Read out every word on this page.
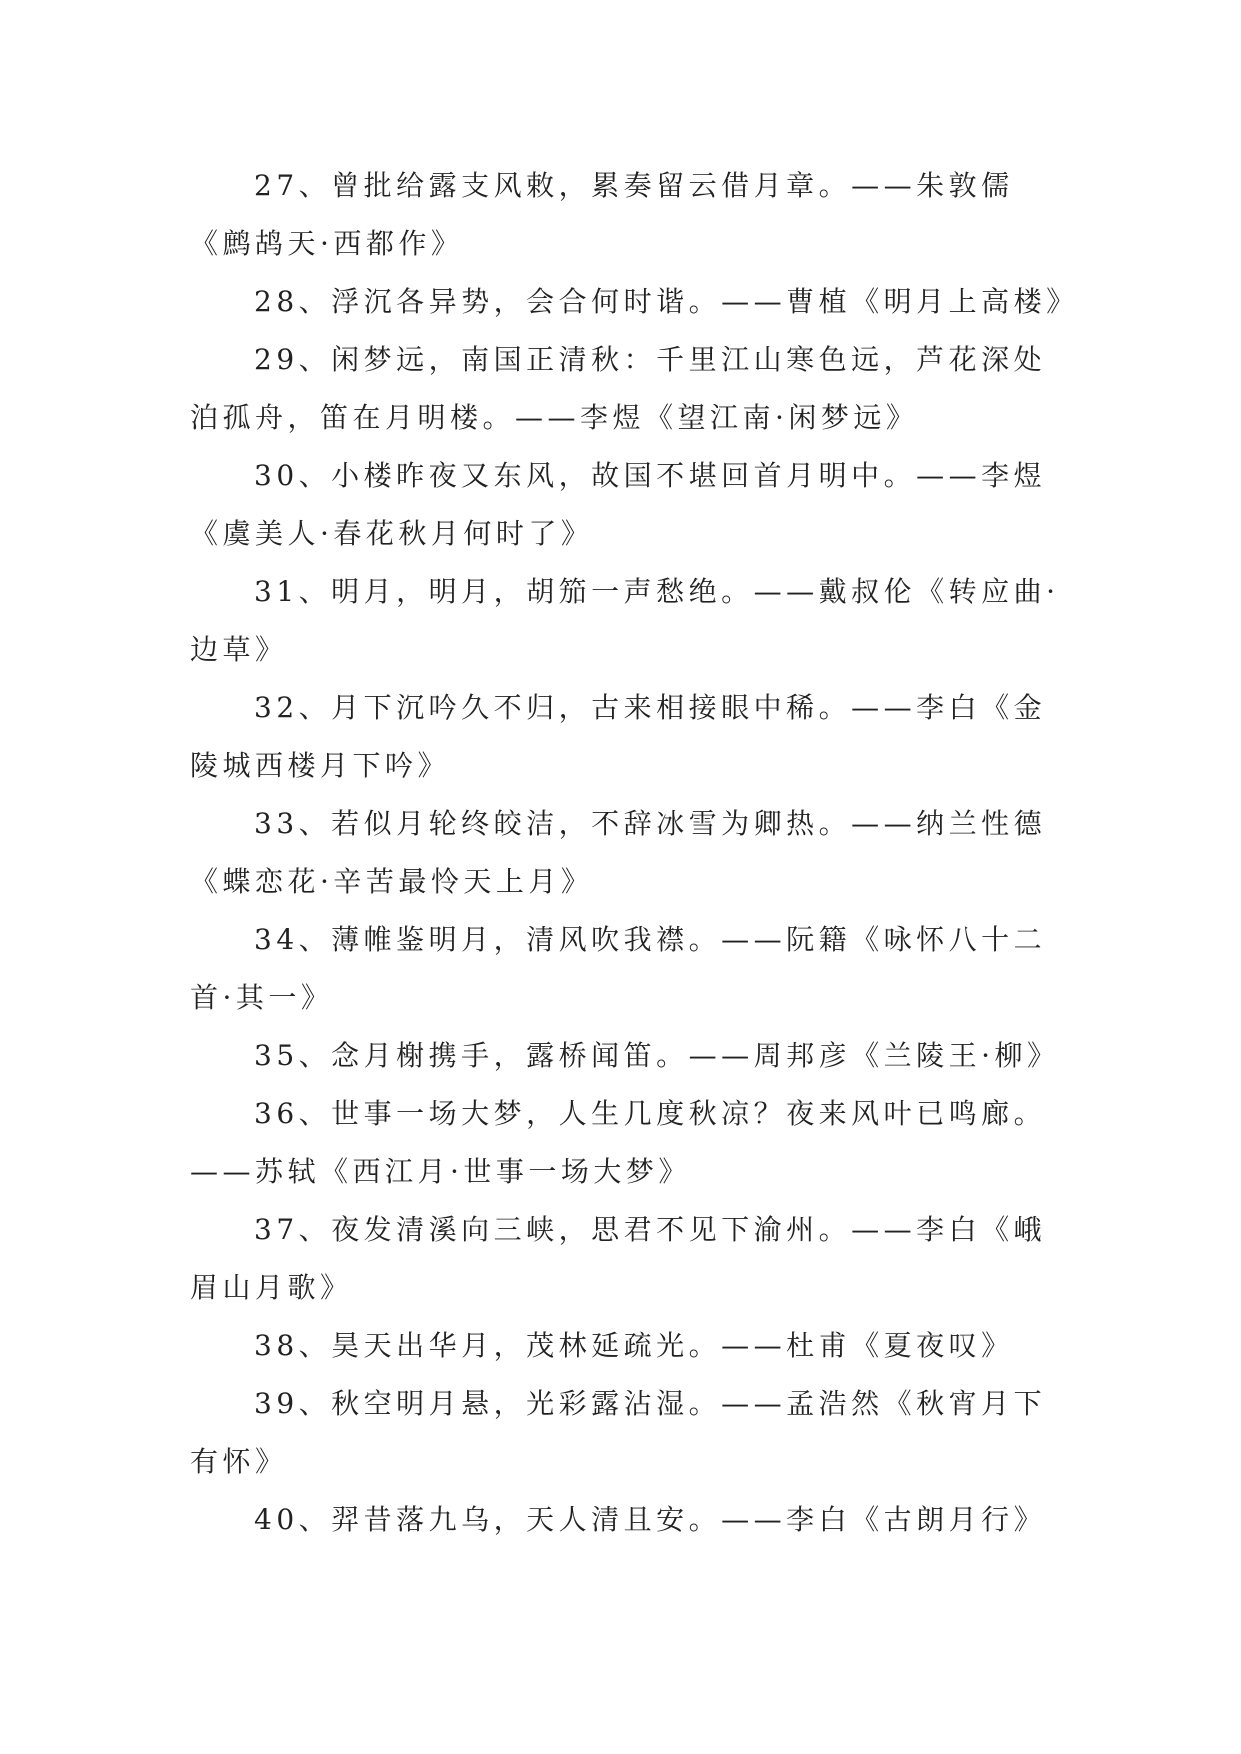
27、曾批给露支风敕，累奏留云借月章。——朱敦儒《鹧鸪天·西都作》

28、浮沉各异势，会合何时谐。——曹植《明月上高楼》

29、闲梦远，南国正清秋：千里江山寒色远，芦花深处泊孤舟，笛在月明楼。——李煜《望江南·闲梦远》

30、小楼昨夜又东风，故国不堪回首月明中。——李煜《虞美人·春花秋月何时了》

31、明月，明月，胡笳一声愁绝。——戴叔伦《转应曲·边草》

32、月下沉吟久不归，古来相接眼中稀。——李白《金陵城西楼月下吟》

33、若似月轮终皎洁，不辞冰雪为卿热。——纳兰性德《蝶恋花·辛苦最怜天上月》

34、薄帷鉴明月，清风吹我襟。——阮籍《咏怀八十二首·其一》

35、念月榭携手，露桥闻笛。——周邦彦《兰陵王·柳》

36、世事一场大梦，人生几度秋凉？夜来风叶已鸣廊。——苏轼《西江月·世事一场大梦》

37、夜发清溪向三峡，思君不见下渝州。——李白《峨眉山月歌》

38、昊天出华月，茂林延疏光。——杜甫《夏夜叹》

39、秋空明月悬，光彩露沾湿。——孟浩然《秋宵月下有怀》

40、羿昔落九乌，天人清且安。——李白《古朗月行》
